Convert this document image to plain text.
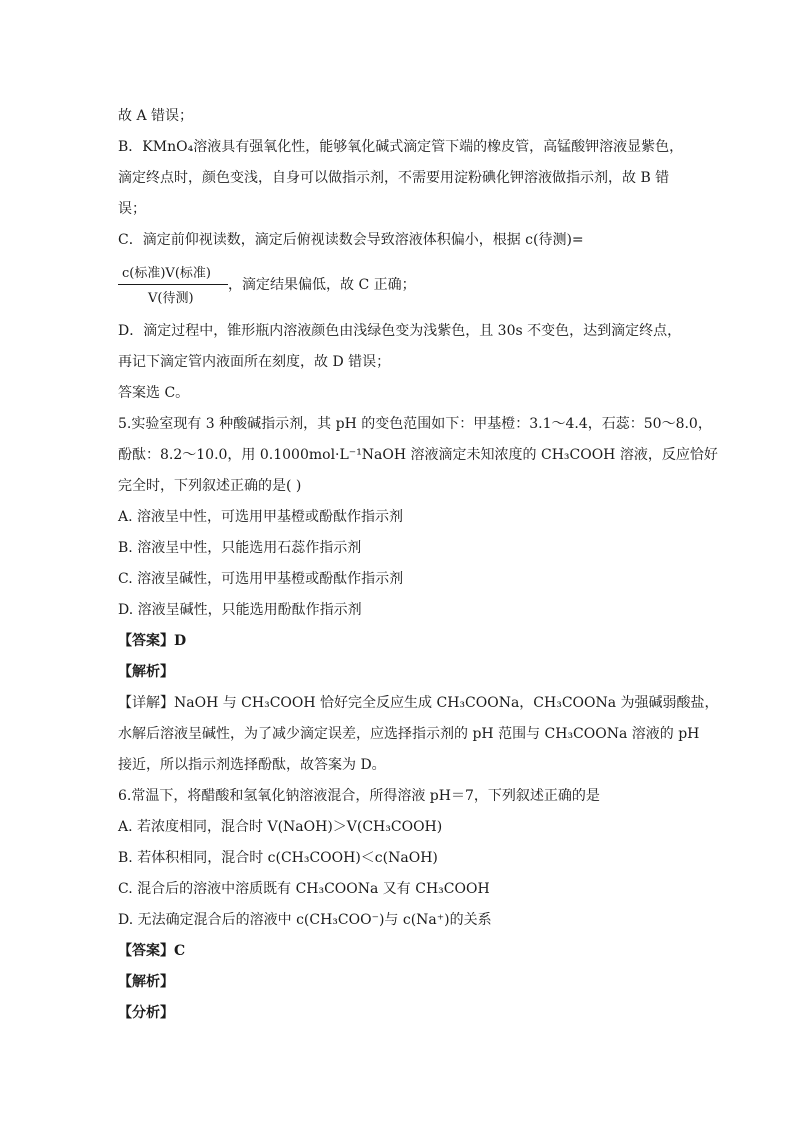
故 A 错误；
B．KMnO₄溶液具有强氧化性，能够氧化碱式滴定管下端的橡皮管，高锰酸钾溶液显紫色，
滴定终点时，颜色变浅，自身可以做指示剂，不需要用淀粉碘化钾溶液做指示剂，故 B 错
误；
C．滴定前仰视读数，滴定后俯视读数会导致溶液体积偏小，根据 c(待测)=
c(标准)V(标准)
V(待测)
，滴定结果偏低，故 C 正确；
D．滴定过程中，锥形瓶内溶液颜色由浅绿色变为浅紫色，且 30s 不变色，达到滴定终点，
再记下滴定管内液面所在刻度，故 D 错误；
答案选 C。
5.实验室现有 3 种酸碱指示剂，其 pH 的变色范围如下：甲基橙：3.1～4.4，石蕊：50～8.0，
酚酞：8.2～10.0，用 0.1000mol·L⁻¹NaOH 溶液滴定未知浓度的 CH₃COOH 溶液，反应恰好
完全时，下列叙述正确的是( )
A. 溶液呈中性，可选用甲基橙或酚酞作指示剂
B. 溶液呈中性，只能选用石蕊作指示剂
C. 溶液呈碱性，可选用甲基橙或酚酞作指示剂
D. 溶液呈碱性，只能选用酚酞作指示剂
【答案】D
【解析】
【详解】NaOH 与 CH₃COOH 恰好完全反应生成 CH₃COONa，CH₃COONa 为强碱弱酸盐，
水解后溶液呈碱性，为了减少滴定误差，应选择指示剂的 pH 范围与 CH₃COONa 溶液的 pH
接近，所以指示剂选择酚酞，故答案为 D。
6.常温下，将醋酸和氢氧化钠溶液混合，所得溶液 pH＝7，下列叙述正确的是
A. 若浓度相同，混合时 V(NaOH)＞V(CH₃COOH)
B. 若体积相同，混合时 c(CH₃COOH)＜c(NaOH)
C. 混合后的溶液中溶质既有 CH₃COONa 又有 CH₃COOH
D. 无法确定混合后的溶液中 c(CH₃COO⁻)与 c(Na⁺)的关系
【答案】C
【解析】
【分析】
